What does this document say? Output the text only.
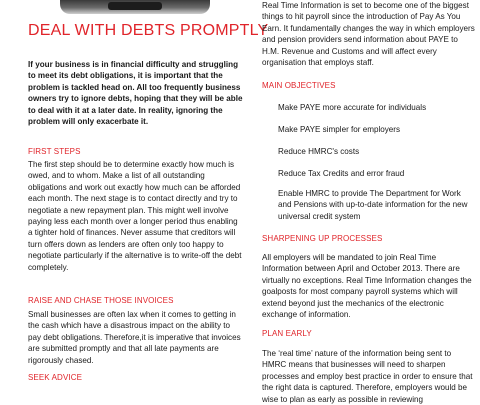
DEAL WITH DEBTS PROMPTLY

If your business is in financial difficulty and struggling to meet its debt obligations, it is important that the problem is tackled head on. All too frequently business owners try to ignore debts, hoping that they will be able to deal with it at a later date. In reality, ignoring the problem will only exacerbate it.

FIRST STEPS

The first step should be to determine exactly how much is owed, and to whom. Make a list of all outstanding obligations and work out exactly how much can be afforded each month. The next stage is to contact directly and try to negotiate a new repayment plan. This might well involve paying less each month over a longer period thus enabling a tighter hold of finances. Never assume that creditors will turn offers down as lenders are often only too happy to negotiate particularly if the alternative is to write-off the debt completely.

RAISE AND CHASE THOSE INVOICES

Small businesses are often lax when it comes to getting in the cash which have a disastrous impact on the ability to pay debt obligations. Therefore,it is imperative that invoices are submitted promptly and that all late payments are rigorously chased.

SEEK ADVICE

Real Time Information is set to become one of the biggest things to hit payroll since the introduction of Pay As You Earn. It fundamentally changes the way in which employers and pension providers send information about PAYE to H.M. Revenue and Customs and will affect every organisation that employs staff.

MAIN OBJECTIVES
Make PAYE more accurate for individuals
Make PAYE simpler for employers
Reduce HMRC's costs
Reduce Tax Credits and error fraud
Enable HMRC to provide The Department for Work and Pensions with up-to-date information for the new universal credit system
SHARPENING UP PROCESSES

All employers will be mandated to join Real Time Information between April and October 2013. There are virtually no exceptions. Real Time Information changes the goalposts for most company payroll systems which will extend beyond just the mechanics of the electronic exchange of information.

PLAN EARLY

The ‘real time’ nature of the information being sent to HMRC means that businesses will need to sharpen processes and employ best practice in order to ensure that the right data is captured. Therefore, employers would be wise to plan as early as possible in reviewing
